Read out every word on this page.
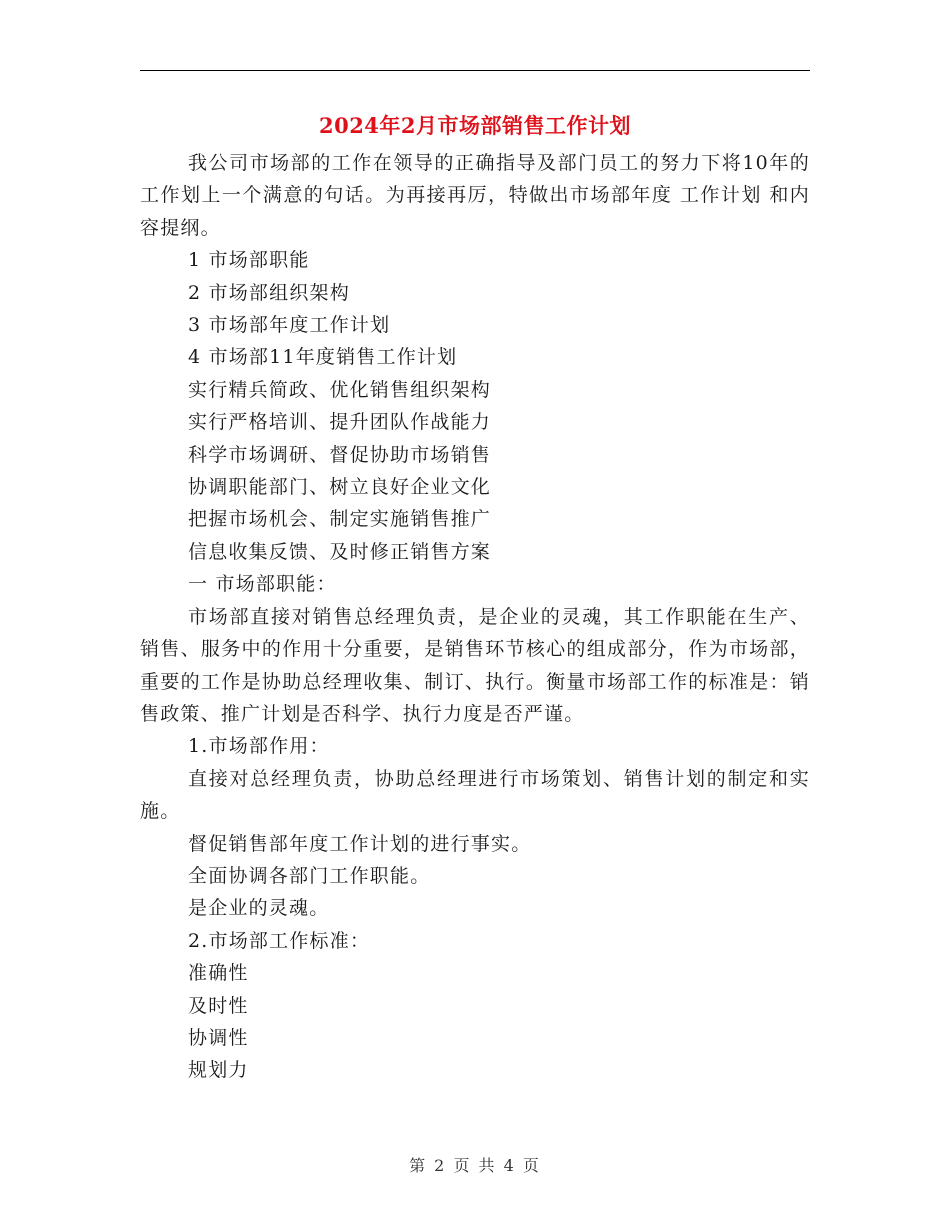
2024年2月市场部销售工作计划

我公司市场部的工作在领导的正确指导及部门员工的努力下将10年的工作划上一个满意的句话。为再接再厉，特做出市场部年度 工作计划 和内容提纲。

1 市场部职能
2 市场部组织架构
3 市场部年度工作计划
4 市场部11年度销售工作计划
实行精兵简政、优化销售组织架构
实行严格培训、提升团队作战能力
科学市场调研、督促协助市场销售
协调职能部门、树立良好企业文化
把握市场机会、制定实施销售推广
信息收集反馈、及时修正销售方案
一 市场部职能：

市场部直接对销售总经理负责，是企业的灵魂，其工作职能在生产、销售、服务中的作用十分重要，是销售环节核心的组成部分，作为市场部，重要的工作是协助总经理收集、制订、执行。衡量市场部工作的标准是：销售政策、推广计划是否科学、执行力度是否严谨。

1.市场部作用：

直接对总经理负责，协助总经理进行市场策划、销售计划的制定和实施。

督促销售部年度工作计划的进行事实。
全面协调各部门工作职能。
是企业的灵魂。
2.市场部工作标准：
准确性
及时性
协调性
规划力
第 2 页 共 4 页
